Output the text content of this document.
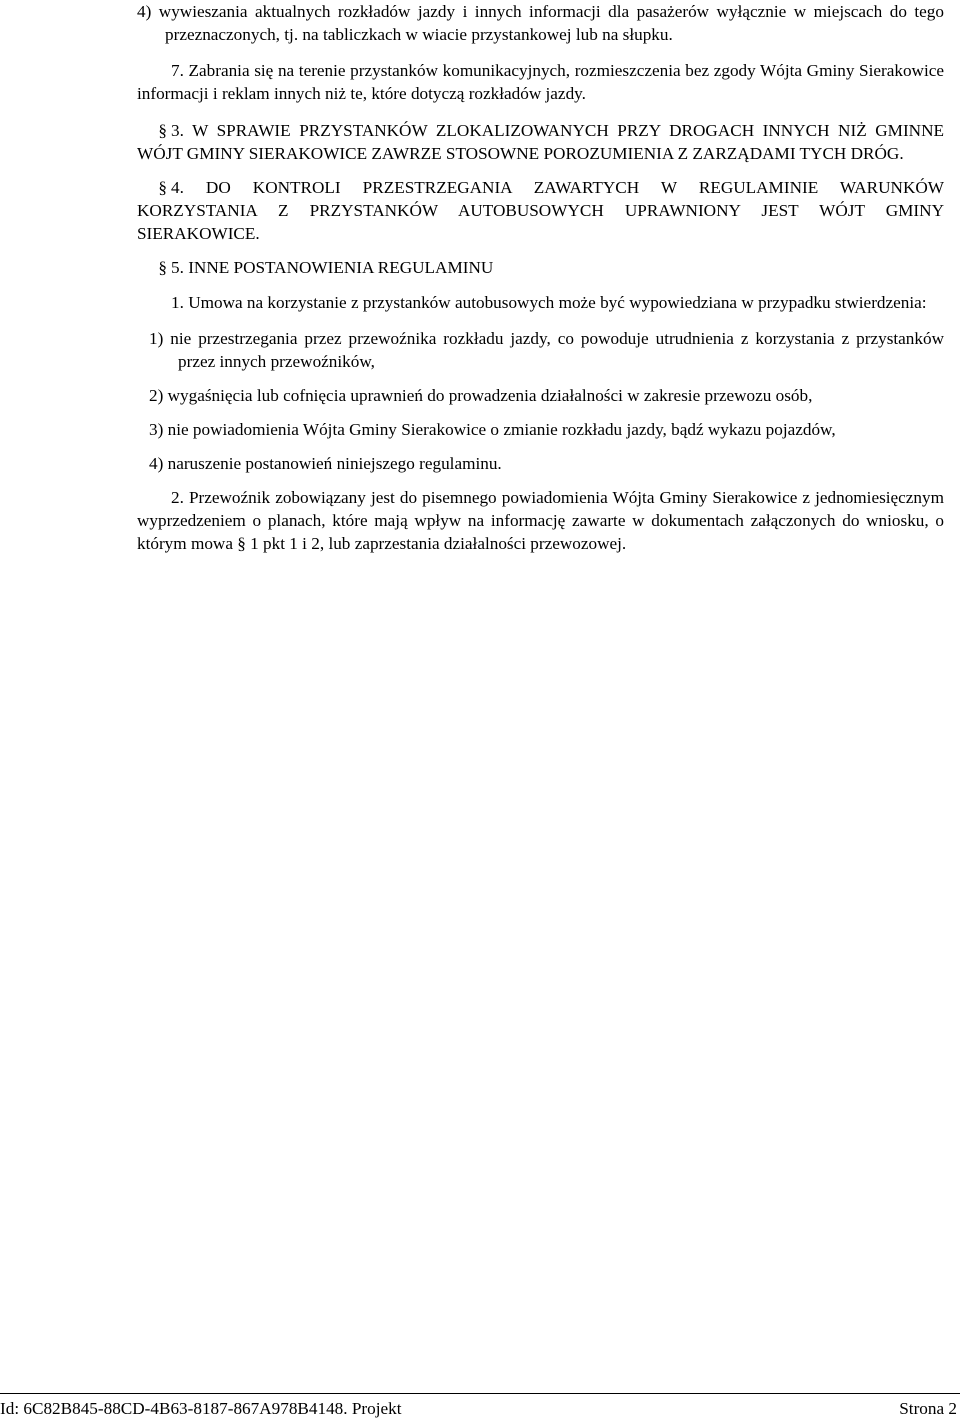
4) wywieszania aktualnych rozkładów jazdy i innych informacji dla pasażerów wyłącznie w miejscach do tego przeznaczonych, tj. na tabliczkach w wiacie przystankowej lub na słupku.

7. Zabrania się na terenie przystanków komunikacyjnych, rozmieszczenia bez zgody Wójta Gminy Sierakowice informacji i reklam innych niż te, które dotyczą rozkładów jazdy.

§ 3. W SPRAWIE PRZYSTANKÓW ZLOKALIZOWANYCH PRZY DROGACH INNYCH NIŻ GMINNE WÓJT GMINY SIERAKOWICE ZAWRZE STOSOWNE POROZUMIENIA Z ZARZĄDAMI TYCH DRÓG.

§ 4. DO KONTROLI PRZESTRZEGANIA ZAWARTYCH W REGULAMINIE WARUNKÓW KORZYSTANIA Z PRZYSTANKÓW AUTOBUSOWYCH UPRAWNIONY JEST WÓJT GMINY SIERAKOWICE.

§ 5. INNE POSTANOWIENIA REGULAMINU

1. Umowa na korzystanie z przystanków autobusowych może być wypowiedziana w przypadku stwierdzenia:

1) nie przestrzegania przez przewoźnika rozkładu jazdy, co powoduje utrudnienia z korzystania z przystanków przez innych przewoźników,

2) wygaśnięcia lub cofnięcia uprawnień do prowadzenia działalności w zakresie przewozu osób,

3) nie powiadomienia Wójta Gminy Sierakowice o zmianie rozkładu jazdy, bądź wykazu pojazdów,

4) naruszenie postanowień niniejszego regulaminu.

2. Przewoźnik zobowiązany jest do pisemnego powiadomienia Wójta Gminy Sierakowice z jednomiesięcznym wyprzedzeniem o planach, które mają wpływ na informację zawarte w dokumentach załączonych do wniosku, o którym mowa § 1 pkt 1 i 2, lub zaprzestania działalności przewozowej.

Id: 6C82B845-88CD-4B63-8187-867A978B4148. Projekt	Strona 2
